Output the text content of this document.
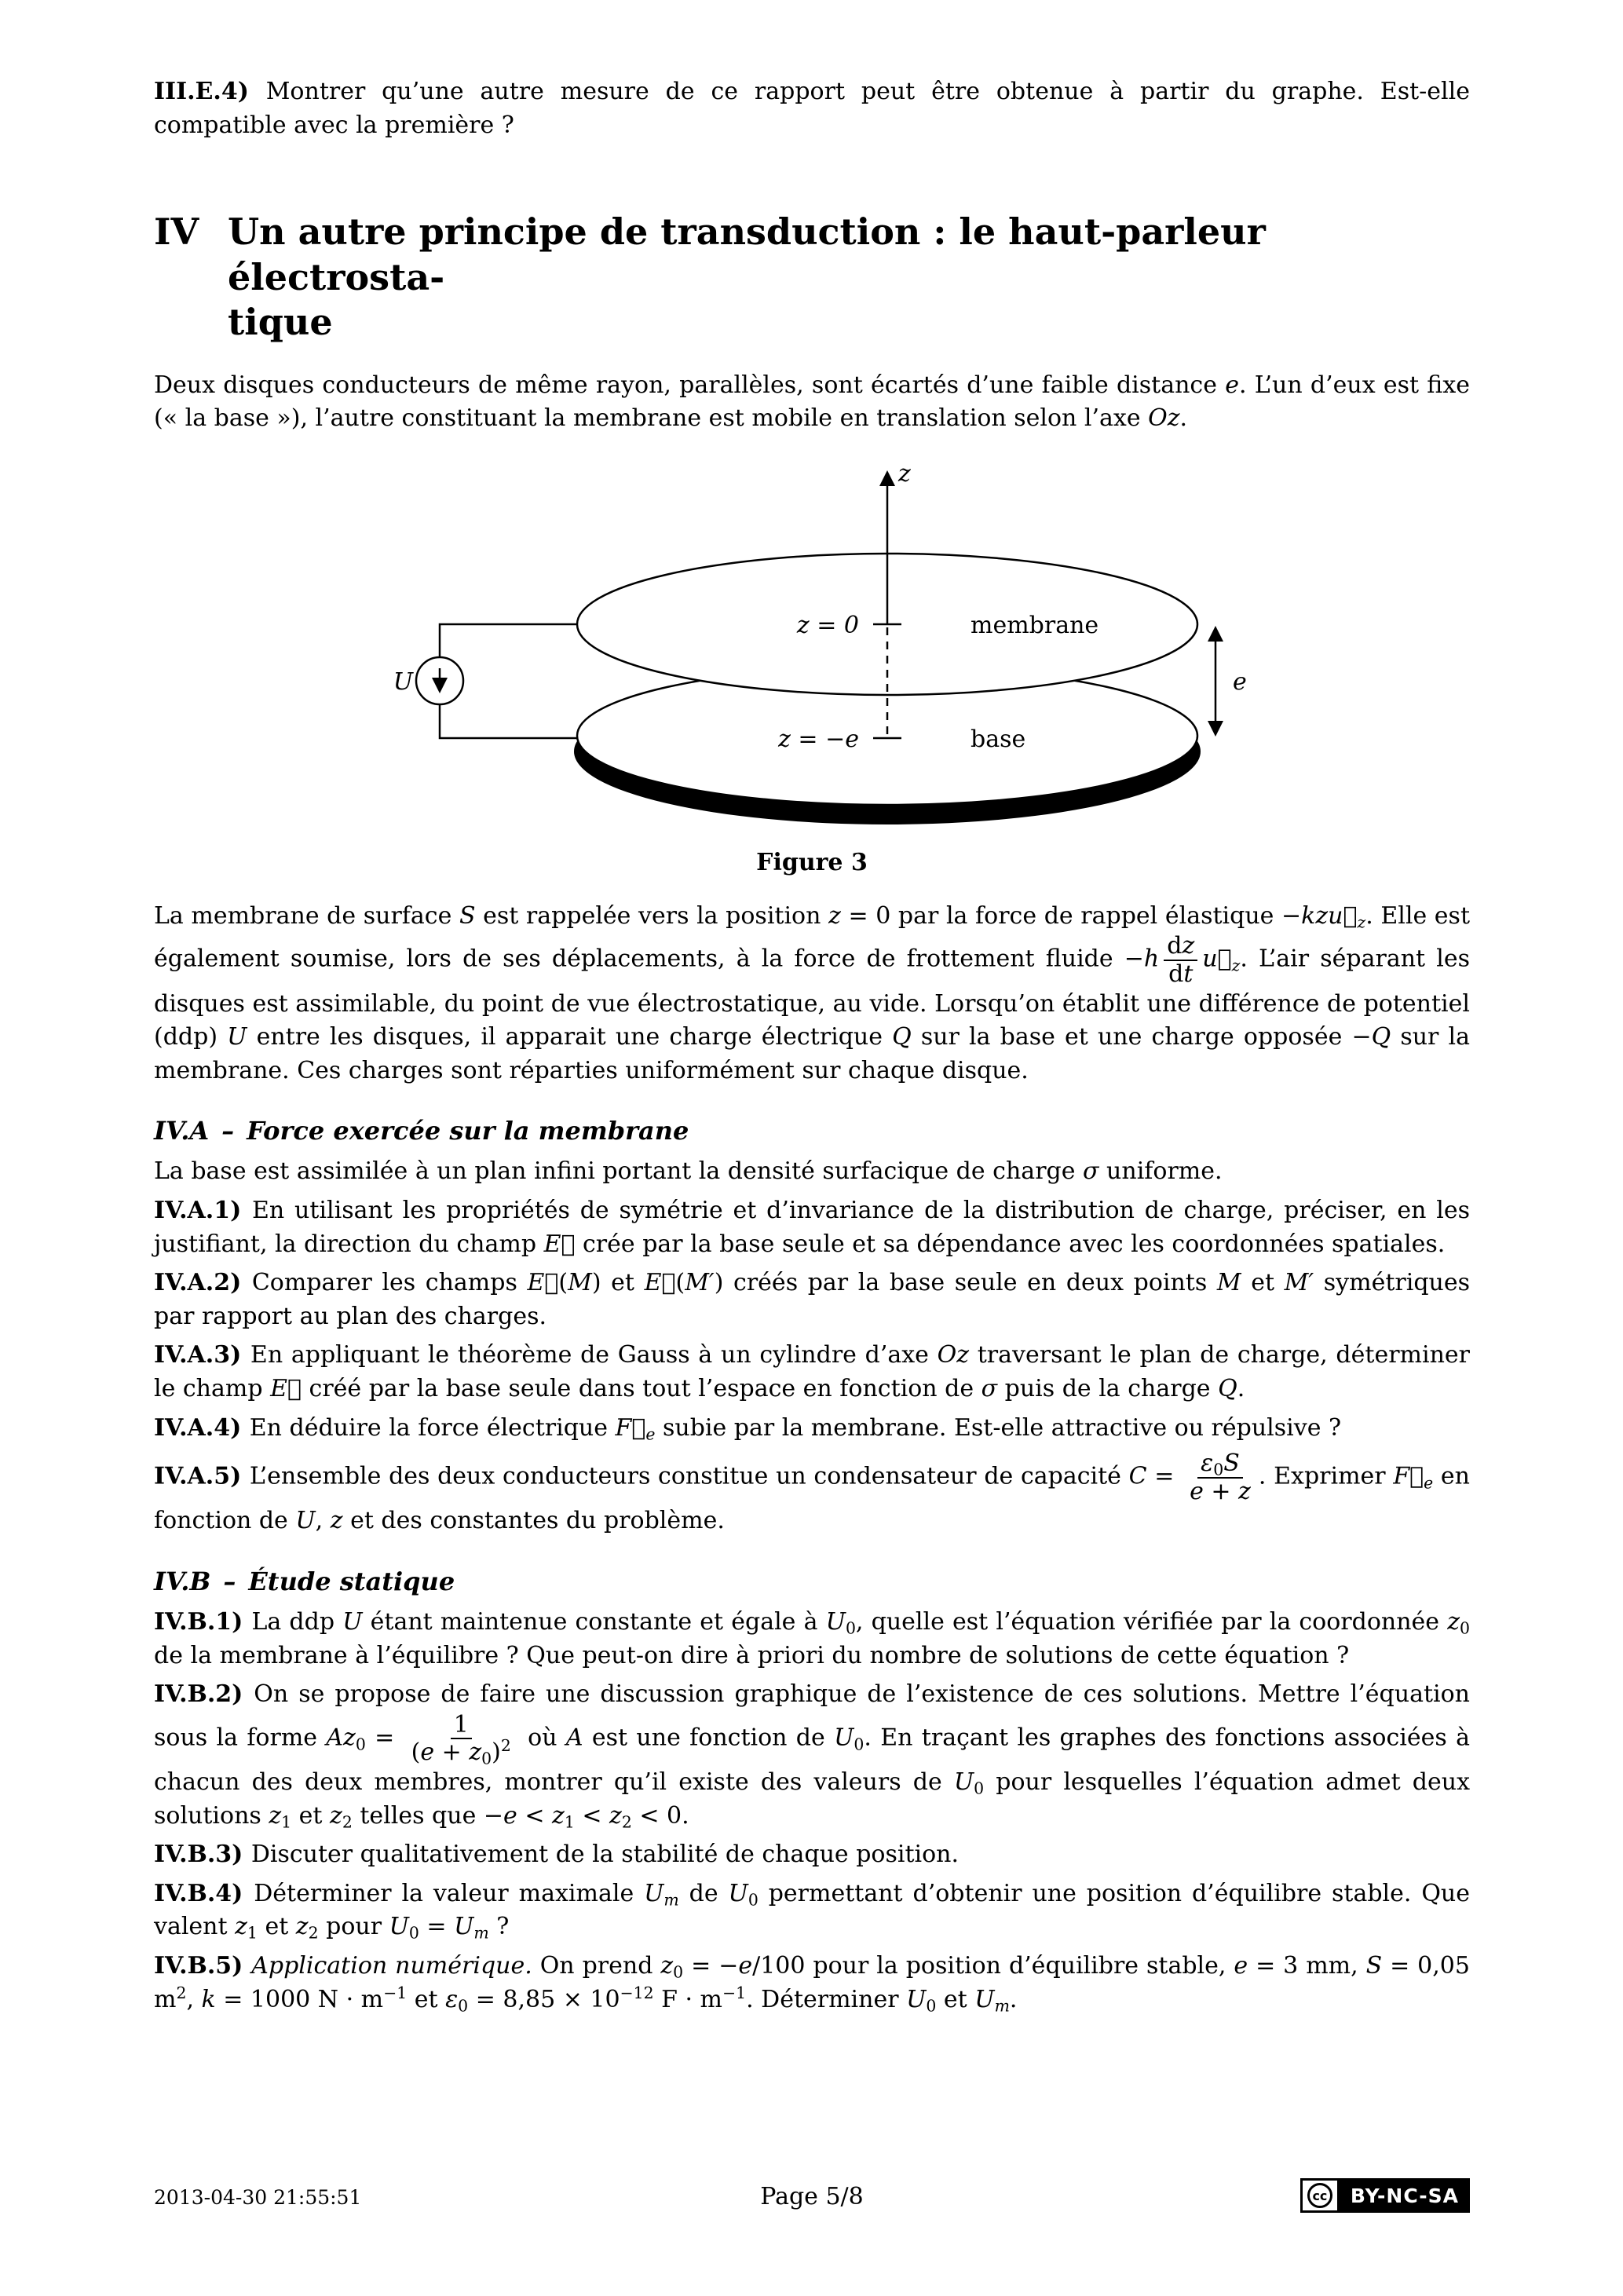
III.E.4) Montrer qu’une autre mesure de ce rapport peut être obtenue à partir du graphe. Est-elle compatible avec la première ?
IV Un autre principe de transduction : le haut-parleur électrosta-
tique
Deux disques conducteurs de même rayon, parallèles, sont écartés d’une faible distance e. L’un d’eux est fixe (« la base »), l’autre constituant la membrane est mobile en translation selon l’axe Oz.
U
z
z = 0	membrane
z = −e	base
e
Figure 3
La membrane de surface S est rappelée vers la position z = 0 par la force de rappel élastique $-kzu⃗_z$. Elle est également soumise, lors de ses déplacements, à la force de frottement fluide $-h \frac{dz}{dt}$ $u⃗_z$. L’air séparant les disques est assimilable, du point de vue électrostatique, au vide. Lorsqu’on établit une différence de potentiel (ddp) U entre les disques, il apparait une charge électrique Q sur la base et une charge opposée −Q sur la membrane. Ces charges sont réparties uniformément sur chaque disque.
IV.A – Force exercée sur la membrane
La base est assimilée à un plan infini portant la densité surfacique de charge σ uniforme.
IV.A.1) En utilisant les propriétés de symétrie et d’invariance de la distribution de charge, préciser, en les justifiant, la direction du champ E⃗ crée par la base seule et sa dépendance avec les coordonnées spatiales.
IV.A.2) Comparer les champs E⃗(M) et E⃗(M′) créés par la base seule en deux points M et M′ symétriques par rapport au plan des charges.
IV.A.3) En appliquant le théorème de Gauss à un cylindre d’axe Oz traversant le plan de charge, déterminer le champ E⃗ créé par la base seule dans tout l’espace en fonction de σ puis de la charge Q.
IV.A.4) En déduire la force électrique $F⃗_e$ subie par la membrane. Est-elle attractive ou répulsive ?
IV.A.5) L’ensemble des deux conducteurs constitue un condensateur de capacité $C = \frac{\varepsilon_0S}{e + z}$ . Exprimer $F⃗_e$ en fonction de U, z et des constantes du problème.
IV.B – Étude statique
IV.B.1) La ddp U étant maintenue constante et égale à $U_0$, quelle est l’équation vérifiée par la coordonnée $z_0$ de la membrane à l’équilibre ? Que peut-on dire à priori du nombre de solutions de cette équation ?
IV.B.2) On se propose de faire une discussion graphique de l’existence de ces solutions. Mettre l’équation sous la forme $Az_0 = \frac{1}{(e + z_0)^2}$ où A est une fonction de $U_0$. En traçant les graphes des fonctions associées à chacun des deux membres, montrer qu’il existe des valeurs de $U_0$ pour lesquelles l’équation admet deux solutions $z_1$ et $z_2$ telles que $-e < z_1 < z_2 < 0$.
IV.B.3) Discuter qualitativement de la stabilité de chaque position.
IV.B.4) Déterminer la valeur maximale $U_m$ de $U_0$ permettant d’obtenir une position d’équilibre stable. Que valent $z_1$ et $z_2$ pour $U_0 = U_m$ ?
IV.B.5) Application numérique. On prend $z_0 = -e/100$ pour la position d’équilibre stable, e = 3 mm, S = 0,05 $m^2$, k = 1000 $N \cdot m^{-1}$ et $\varepsilon_0 = 8,85 \times 10^{-12}$ $F \cdot m^{-1}$. Déterminer $U_0$ et $U_m$.
2013-04-30 21:55:51	Page 5/8	cc	BY-NC-SA
